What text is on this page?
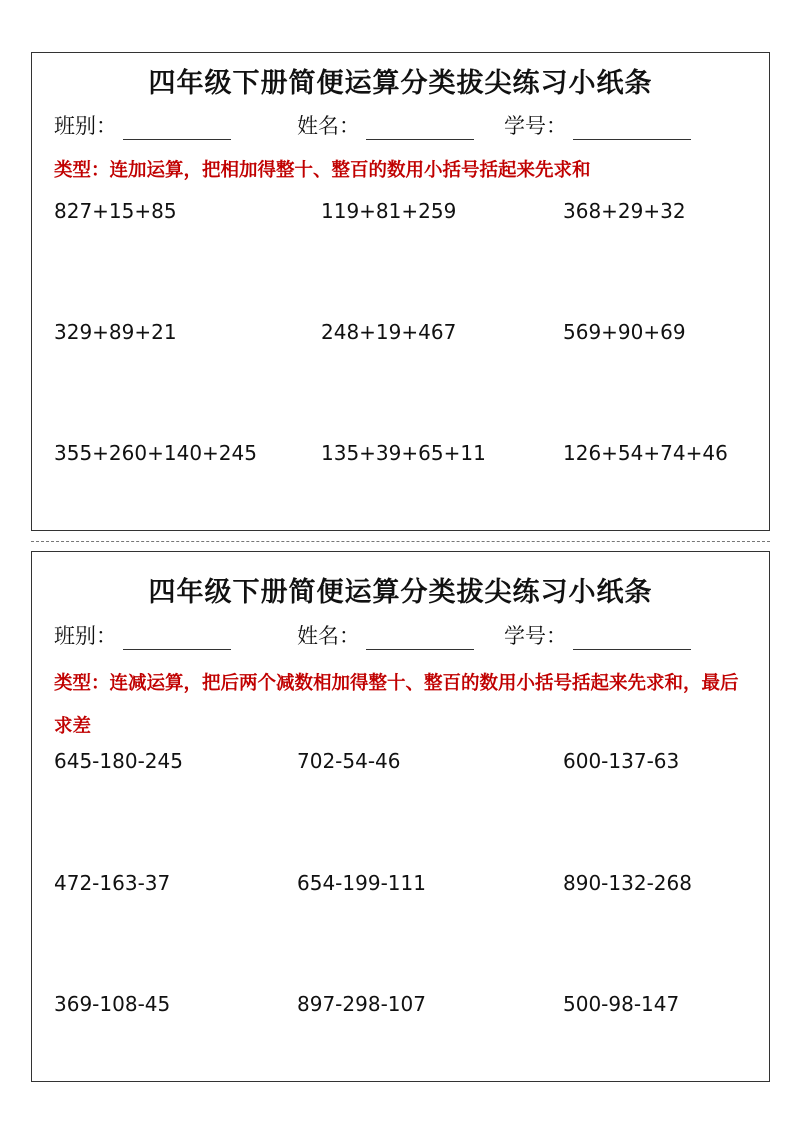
四年级下册简便运算分类拔尖练习小纸条
班别：	姓名：	学号：
类型：连加运算，把相加得整十、整百的数用小括号括起来先求和
827+15+85	119+81+259	368+29+32
329+89+21	248+19+467	569+90+69
355+260+140+245	135+39+65+11	126+54+74+46
四年级下册简便运算分类拔尖练习小纸条
班别：	姓名：	学号：
类型：连减运算，把后两个减数相加得整十、整百的数用小括号括起来先求和，最后求差
645-180-245	702-54-46	600-137-63
472-163-37	654-199-111	890-132-268
369-108-45	897-298-107	500-98-147
